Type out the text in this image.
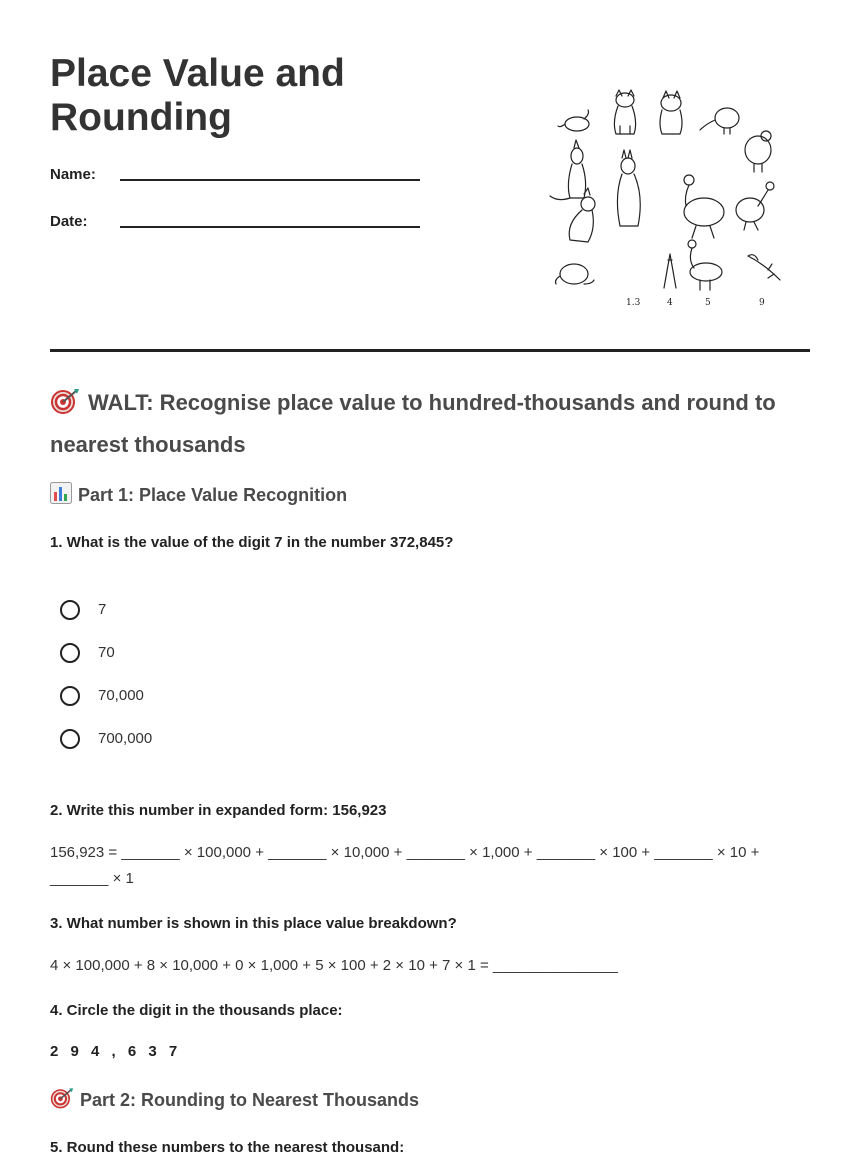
Place Value and Rounding
Name:
Date:
1.3	4	5	9
WALT: Recognise place value to hundred-thousands and round to nearest thousands
Part 1: Place Value Recognition

1. What is the value of the digit 7 in the number 372,845?

7
70
70,000
700,000

2. Write this number in expanded form: 156,923

156,923 = _______ × 100,000 + _______ × 10,000 + _______ × 1,000 + _______ × 100 + _______ × 10 + _______ × 1

3. What number is shown in this place value breakdown?

4 × 100,000 + 8 × 10,000 + 0 × 1,000 + 5 × 100 + 2 × 10 + 7 × 1 = _______________

4. Circle the digit in the thousands place:

2 9 4 , 6 3 7
Part 2: Rounding to Nearest Thousands

5. Round these numbers to the nearest thousand:
